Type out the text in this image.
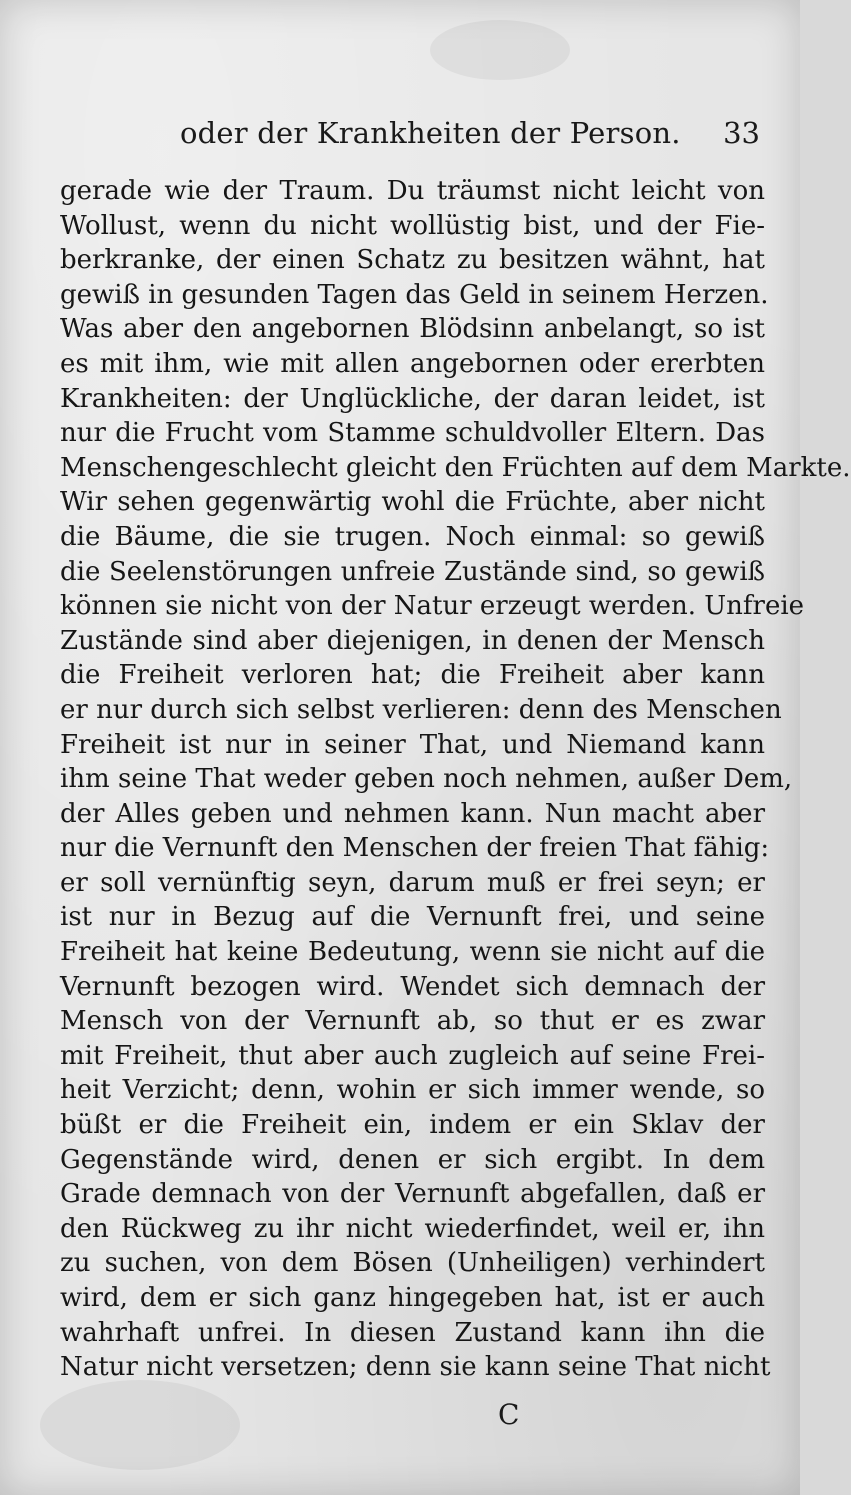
oder der Krankheiten der Person. 33
gerade wie der Traum. Du träumst nicht leicht von
Wollust, wenn du nicht wollüstig bist, und der Fie-
berkranke, der einen Schatz zu besitzen wähnt, hat
gewiß in gesunden Tagen das Geld in seinem Herzen.
Was aber den angebornen Blödsinn anbelangt, so ist
es mit ihm, wie mit allen angebornen oder ererbten
Krankheiten: der Unglückliche, der daran leidet, ist
nur die Frucht vom Stamme schuldvoller Eltern. Das
Menschengeschlecht gleicht den Früchten auf dem Markte.
Wir sehen gegenwärtig wohl die Früchte, aber nicht
die Bäume, die sie trugen. Noch einmal: so gewiß
die Seelenstörungen unfreie Zustände sind, so gewiß
können sie nicht von der Natur erzeugt werden. Unfreie
Zustände sind aber diejenigen, in denen der Mensch
die Freiheit verloren hat; die Freiheit aber kann
er nur durch sich selbst verlieren: denn des Menschen
Freiheit ist nur in seiner That, und Niemand kann
ihm seine That weder geben noch nehmen, außer Dem,
der Alles geben und nehmen kann. Nun macht aber
nur die Vernunft den Menschen der freien That fähig:
er soll vernünftig seyn, darum muß er frei seyn; er
ist nur in Bezug auf die Vernunft frei, und seine
Freiheit hat keine Bedeutung, wenn sie nicht auf die
Vernunft bezogen wird. Wendet sich demnach der
Mensch von der Vernunft ab, so thut er es zwar
mit Freiheit, thut aber auch zugleich auf seine Frei-
heit Verzicht; denn, wohin er sich immer wende, so
büßt er die Freiheit ein, indem er ein Sklav der
Gegenstände wird, denen er sich ergibt. In dem
Grade demnach von der Vernunft abgefallen, daß er
den Rückweg zu ihr nicht wiederfindet, weil er, ihn
zu suchen, von dem Bösen (Unheiligen) verhindert
wird, dem er sich ganz hingegeben hat, ist er auch
wahrhaft unfrei. In diesen Zustand kann ihn die
Natur nicht versetzen; denn sie kann seine That nicht
C
